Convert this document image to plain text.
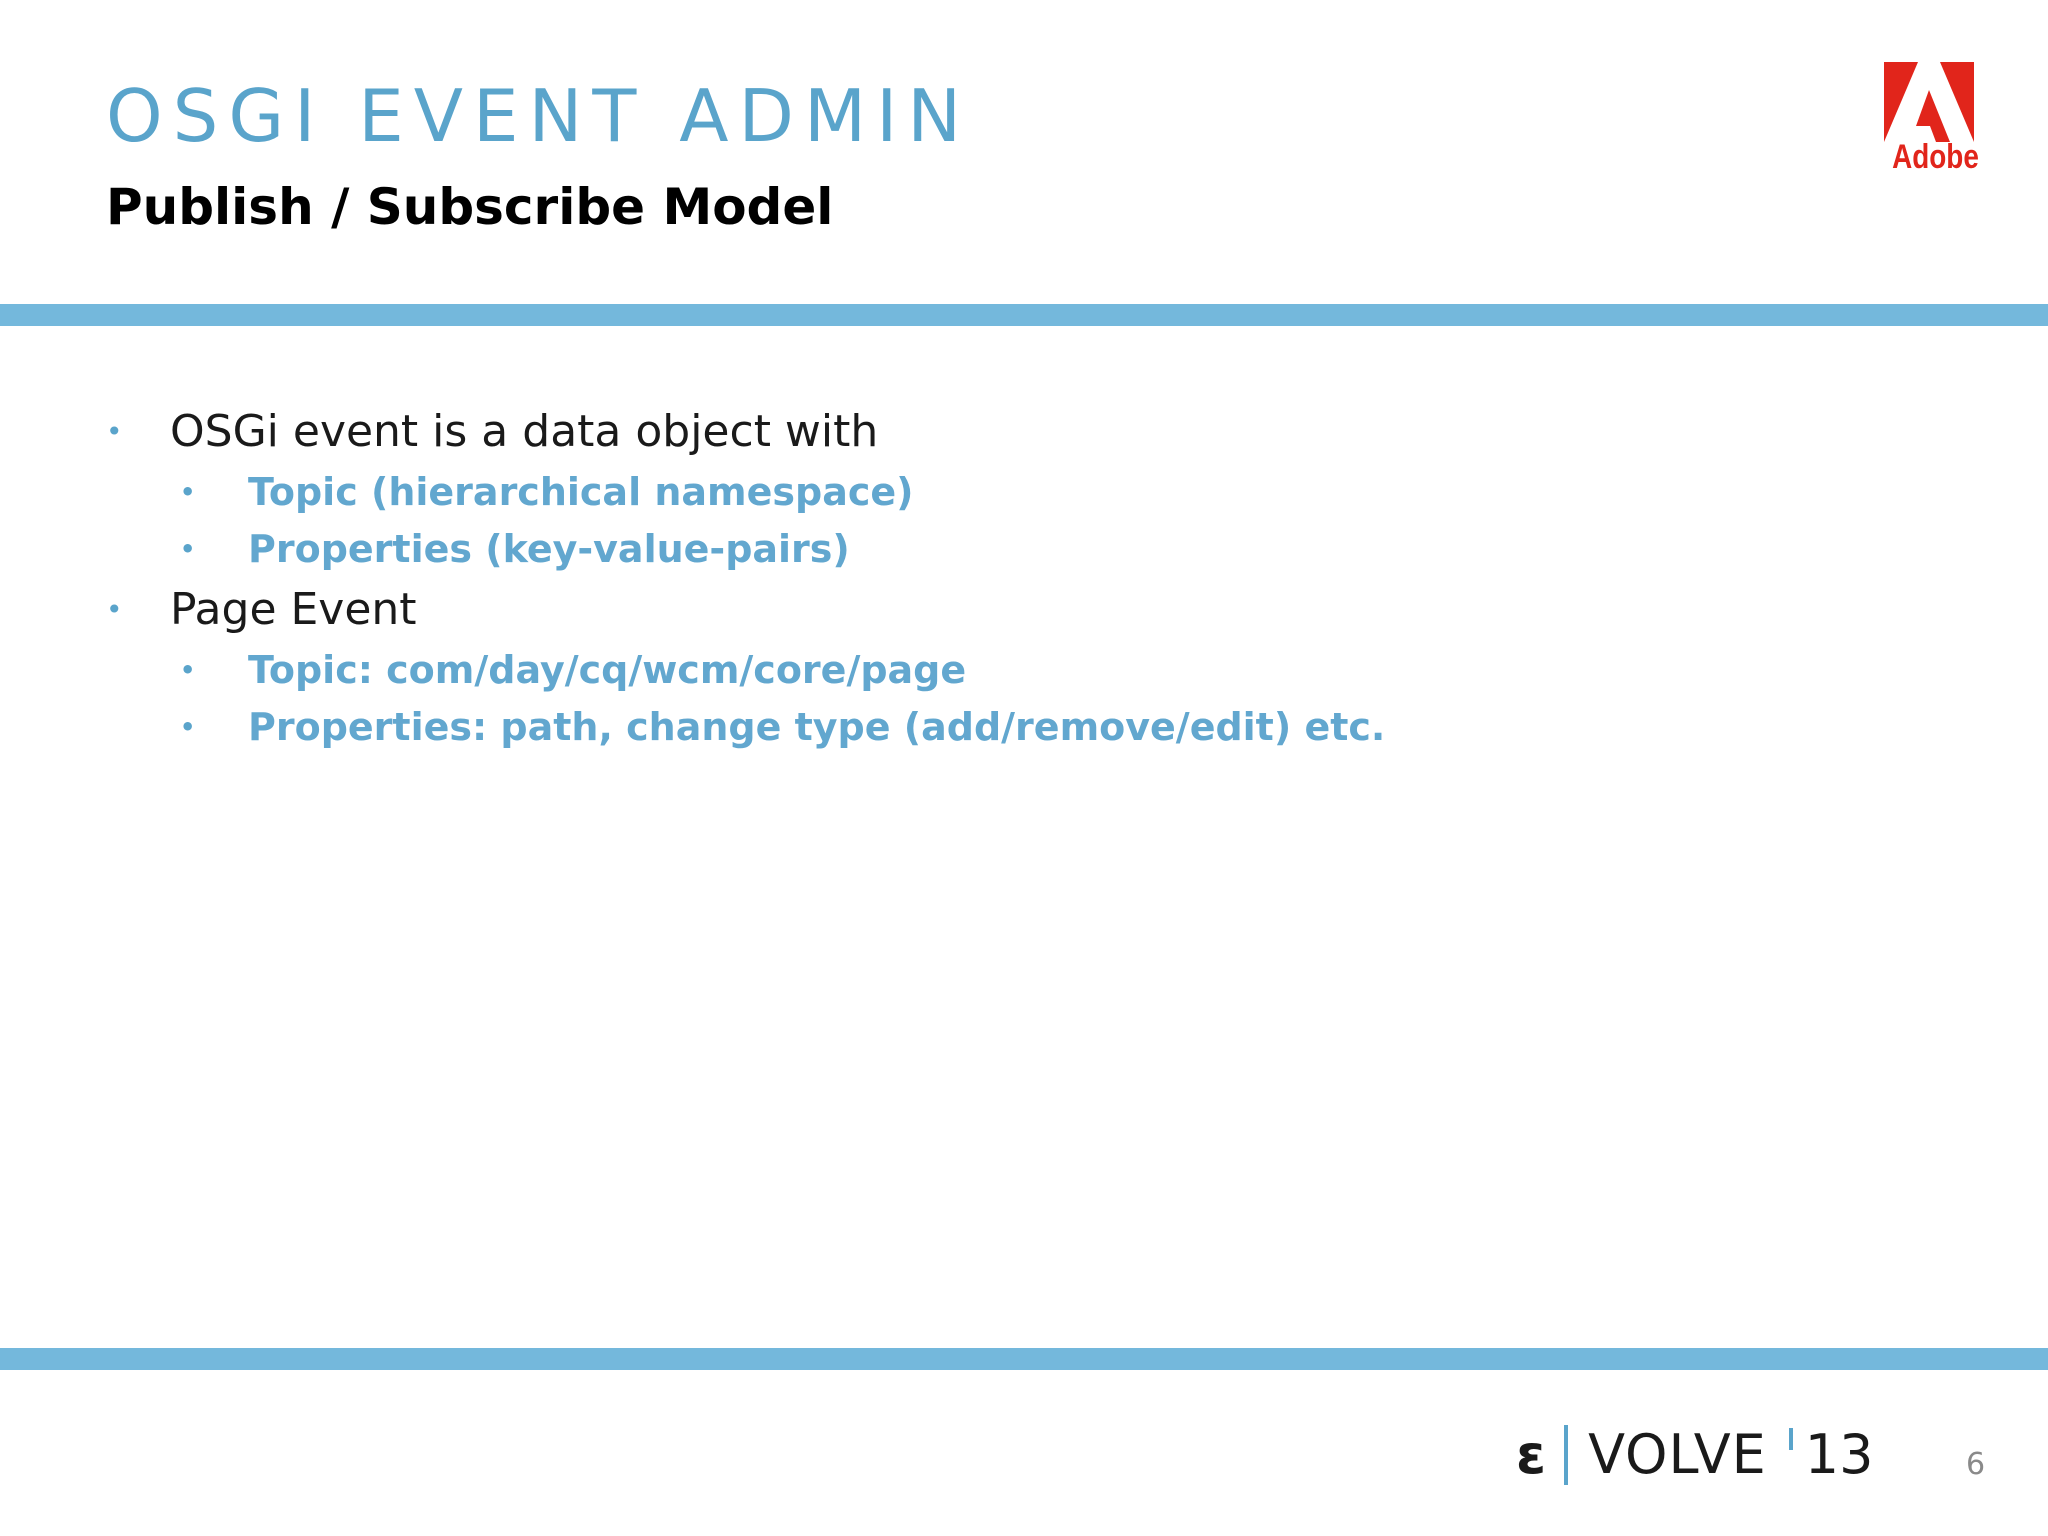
OSGI EVENT ADMIN
Publish / Subscribe Model
Adobe
• OSGi event is a data object with
• Topic (hierarchical namespace)
• Properties (key-value-pairs)
• Page Event
• Topic: com/day/cq/wcm/core/page
• Properties: path, change type (add/remove/edit) etc.
ɛ VOLVE 13	6
